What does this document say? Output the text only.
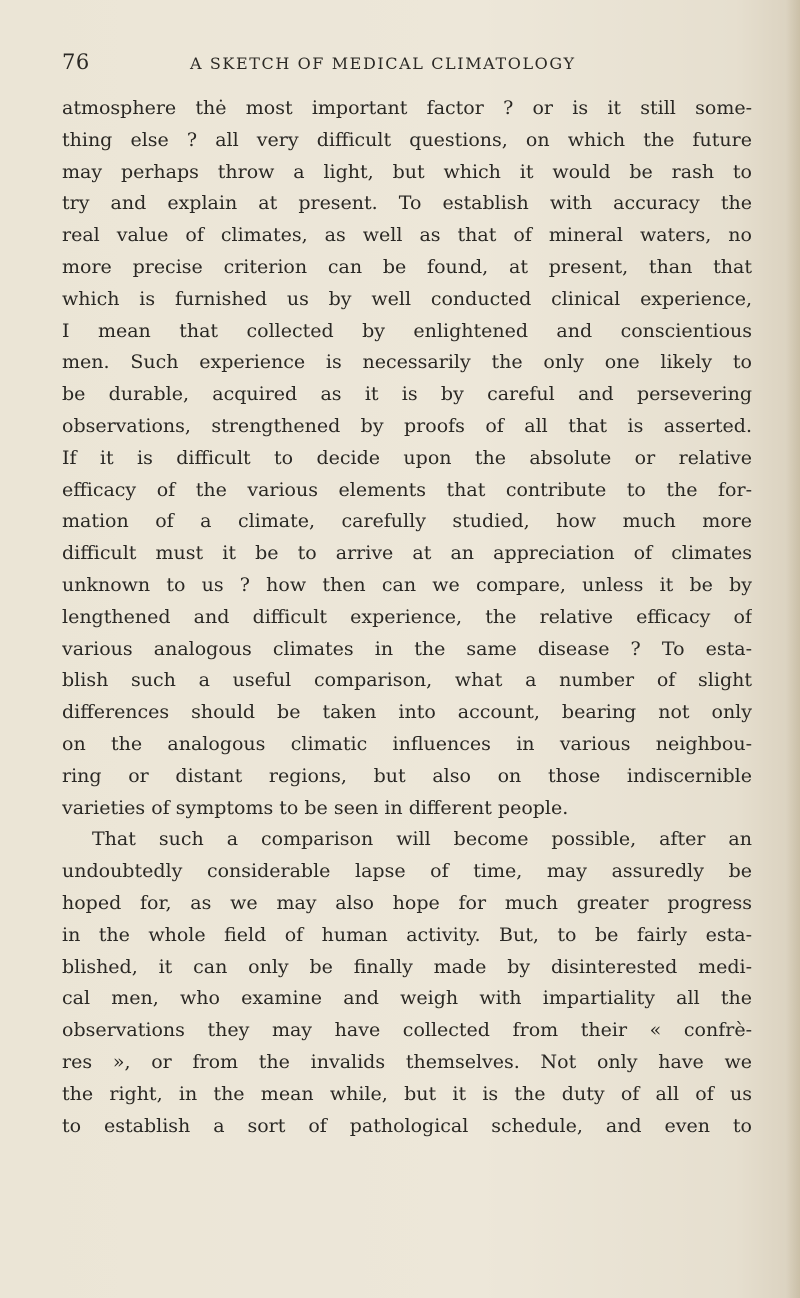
76	A SKETCH OF MEDICAL CLIMATOLOGY
atmosphere thė most important factor ? or is it still some-
thing else ? all very difficult questions, on which the future
may perhaps throw a light, but which it would be rash to
try and explain at present. To establish with accuracy the
real value of climates, as well as that of mineral waters, no
more precise criterion can be found, at present, than that
which is furnished us by well conducted clinical experience,
I mean that collected by enlightened and conscientious
men. Such experience is necessarily the only one likely to
be durable, acquired as it is by careful and persevering
observations, strengthened by proofs of all that is asserted.
If it is difficult to decide upon the absolute or relative
efficacy of the various elements that contribute to the for-
mation of a climate, carefully studied, how much more
difficult must it be to arrive at an appreciation of climates
unknown to us ? how then can we compare, unless it be by
lengthened and difficult experience, the relative efficacy of
various analogous climates in the same disease ? To esta-
blish such a useful comparison, what a number of slight
differences should be taken into account, bearing not only
on the analogous climatic influences in various neighbou-
ring or distant regions, but also on those indiscernible
varieties of symptoms to be seen in different people.
That such a comparison will become possible, after an
undoubtedly considerable lapse of time, may assuredly be
hoped for, as we may also hope for much greater progress
in the whole field of human activity. But, to be fairly esta-
blished, it can only be finally made by disinterested medi-
cal men, who examine and weigh with impartiality all the
observations they may have collected from their « confrè-
res », or from the invalids themselves. Not only have we
the right, in the mean while, but it is the duty of all of us
to establish a sort of pathological schedule, and even to
